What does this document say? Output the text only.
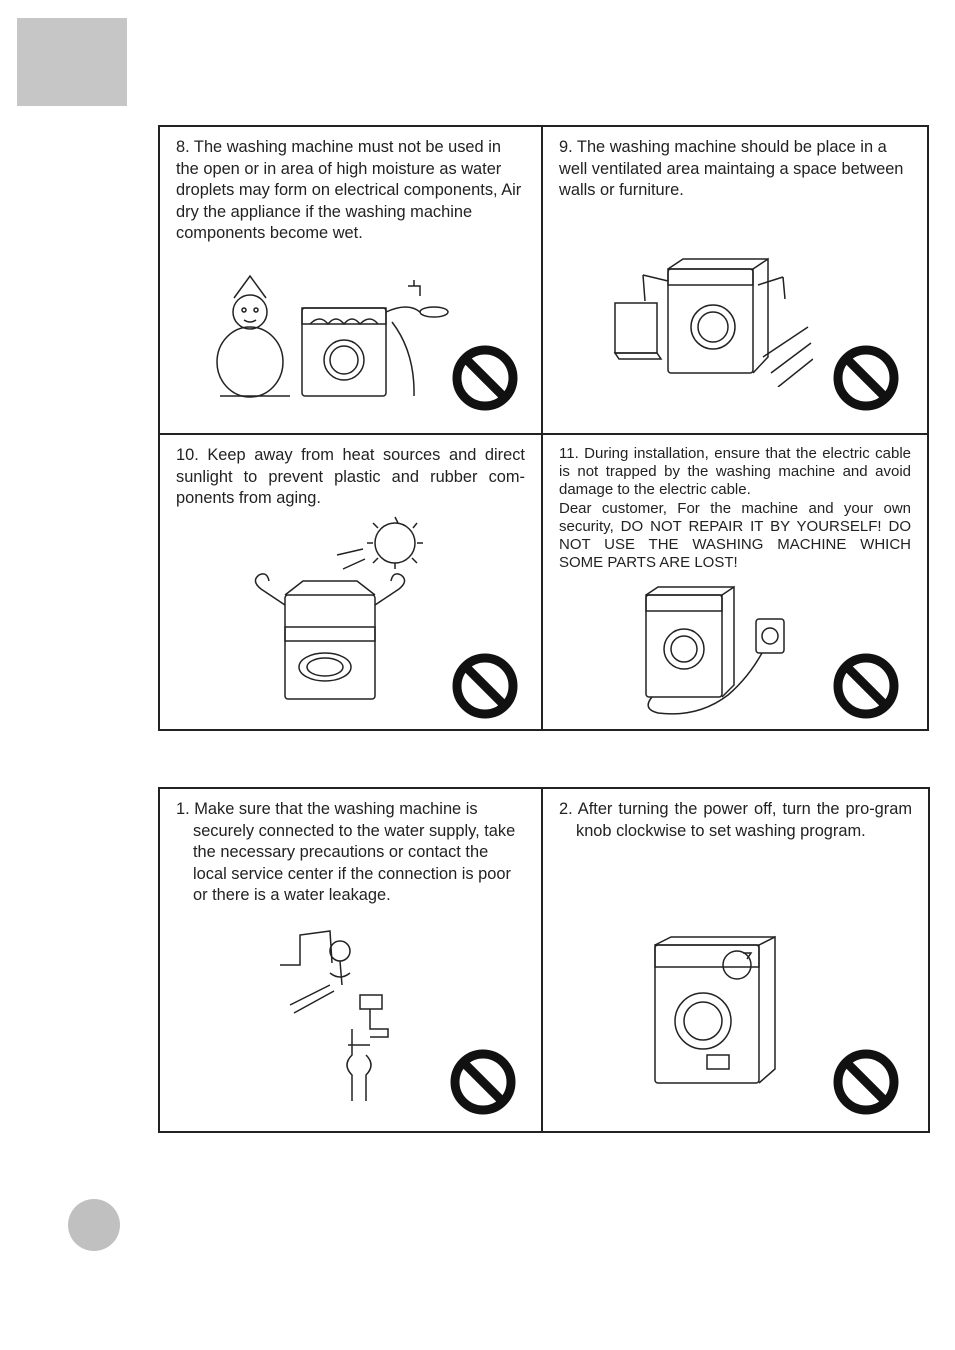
8. The washing machine must not be used in the open or in area of high moisture as water droplets may form on electrical components, Air dry the appliance if the washing machine components become wet.

9. The washing machine should be place in a well ventilated area maintaing a space between walls or furniture.

10. Keep away from heat sources and direct sunlight to prevent plastic and rubber com-ponents from aging.

11. During installation, ensure that the electric cable is not trapped by the washing machine and avoid damage to the electric cable.
Dear customer, For the machine and your own security, DO NOT REPAIR IT BY YOURSELF! DO NOT USE THE WASHING MACHINE WHICH SOME PARTS ARE LOST!

1. Make sure that the washing machine is securely connected to the water supply, take the necessary precautions or contact the local service center if the connection is poor or there is a water leakage.

2. After turning the power off, turn the pro-gram knob clockwise to set washing program.
